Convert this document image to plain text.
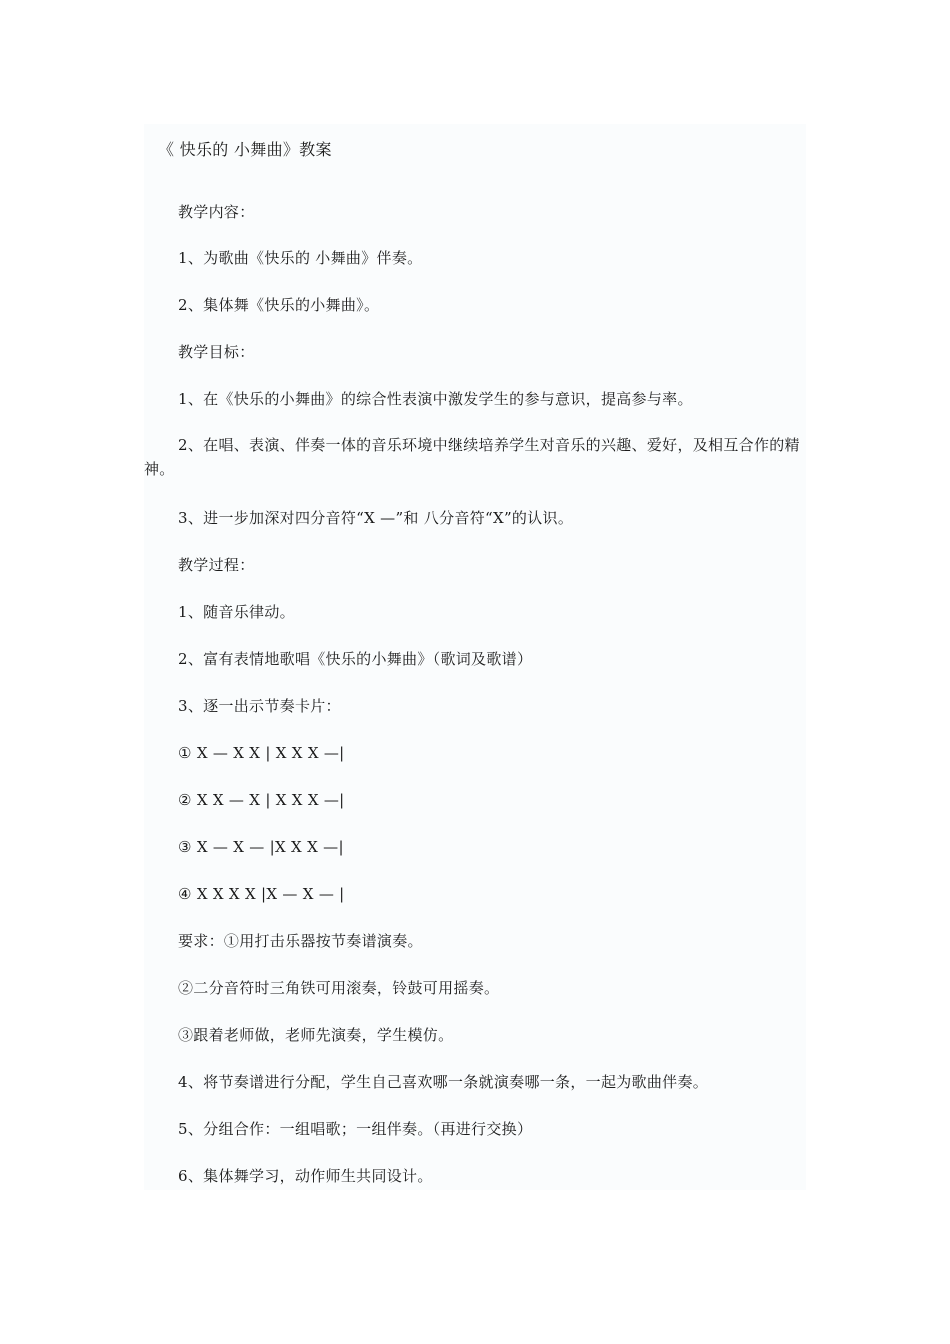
《 快乐的 小舞曲》教案
教学内容：
1、为歌曲《快乐的 小舞曲》伴奏。
2、集体舞《快乐的小舞曲》。
教学目标：
1、在《快乐的小舞曲》的综合性表演中激发学生的参与意识，提高参与率。
2、在唱、表演、伴奏一体的音乐环境中继续培养学生对音乐的兴趣、爱好，及相互合作的精神。
3、进一步加深对四分音符“X —”和 八分音符“X”的认识。
教学过程：
1、随音乐律动。
2、富有表情地歌唱《快乐的小舞曲》（歌词及歌谱）
3、逐一出示节奏卡片：
① X — X X | X X X —|
② X X — X | X X X —|
③ X — X — |X X X —|
④ X X X X |X — X — |
要求：①用打击乐器按节奏谱演奏。
②二分音符时三角铁可用滚奏，铃鼓可用摇奏。
③跟着老师做，老师先演奏，学生模仿。
4、将节奏谱进行分配，学生自己喜欢哪一条就演奏哪一条，一起为歌曲伴奏。
5、分组合作：一组唱歌；一组伴奏。（再进行交换）
6、集体舞学习，动作师生共同设计。
